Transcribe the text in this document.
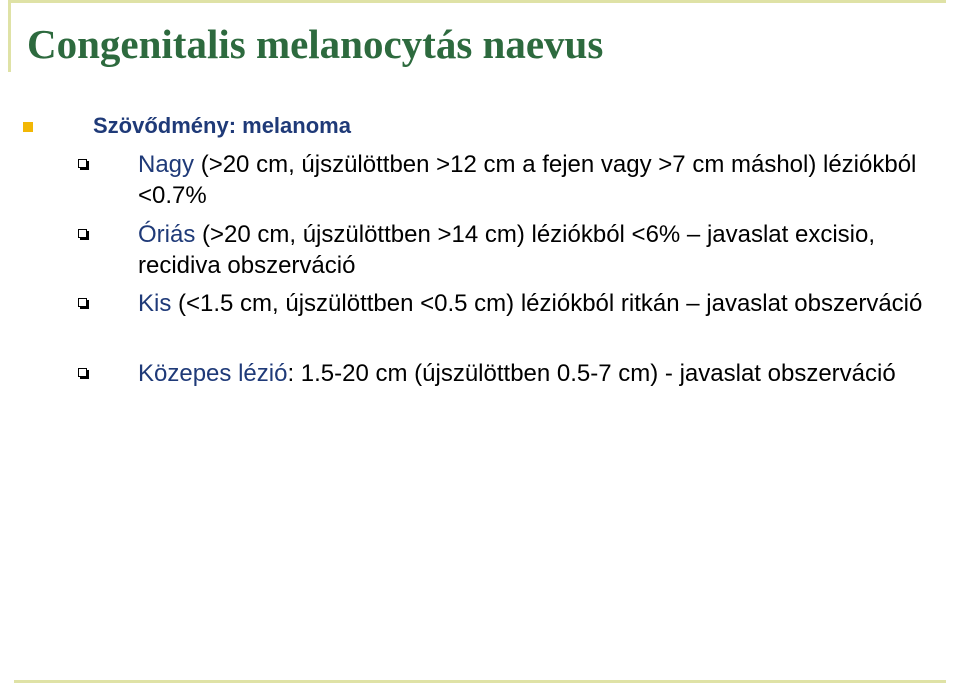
Congenitalis melanocytás naevus
Szövődmény: melanoma
Nagy (>20 cm, újszülöttben >12 cm a fejen vagy >7 cm máshol) léziókból <0.7%
Óriás (>20 cm, újszülöttben >14 cm) léziókból <6% – javaslat excisio, recidiva obszerváció
Kis (<1.5 cm, újszülöttben <0.5 cm) léziókból ritkán – javaslat obszerváció
Közepes lézió: 1.5-20 cm (újszülöttben 0.5-7 cm) - javaslat obszerváció
